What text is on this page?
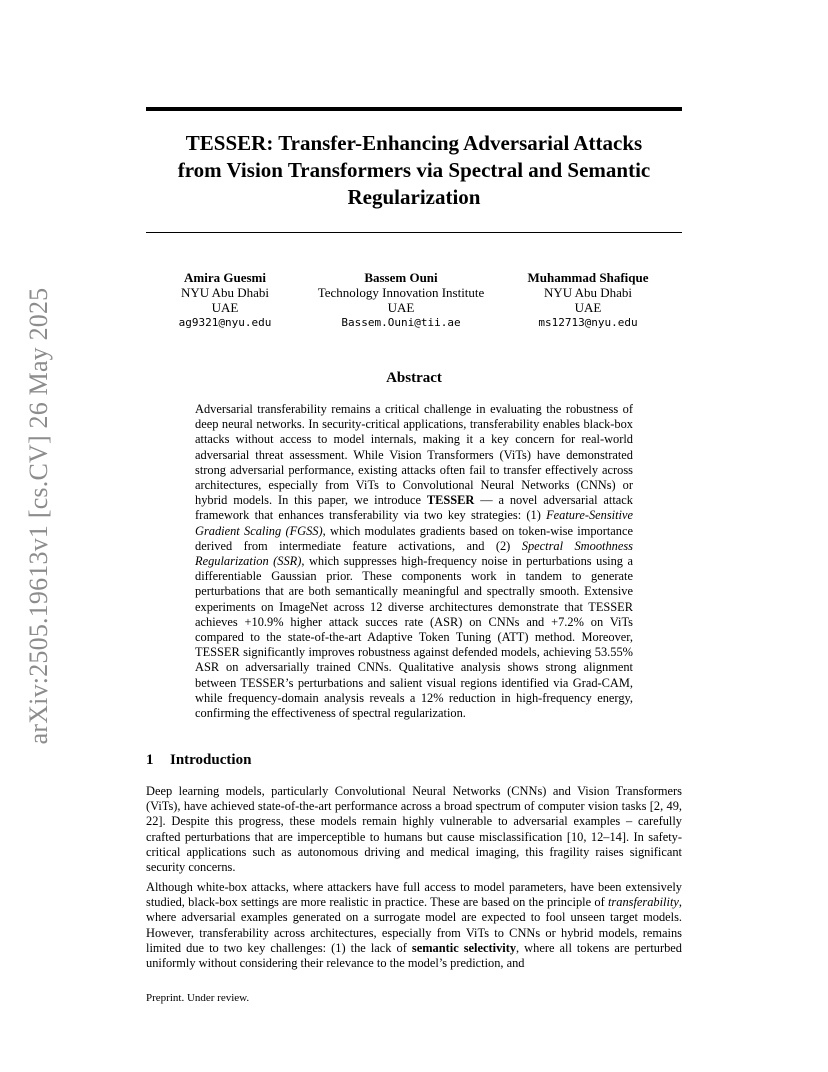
arXiv:2505.19613v1 [cs.CV] 26 May 2025
TESSER: Transfer-Enhancing Adversarial Attacks
from Vision Transformers via Spectral and Semantic
Regularization
Amira Guesmi
NYU Abu Dhabi
UAE
ag9321@nyu.edu
Bassem Ouni
Technology Innovation Institute
UAE
Bassem.Ouni@tii.ae
Muhammad Shafique
NYU Abu Dhabi
UAE
ms12713@nyu.edu
Abstract

Adversarial transferability remains a critical challenge in evaluating the robustness of deep neural networks. In security-critical applications, transferability enables black-box attacks without access to model internals, making it a key concern for real-world adversarial threat assessment. While Vision Transformers (ViTs) have demonstrated strong adversarial performance, existing attacks often fail to transfer effectively across architectures, especially from ViTs to Convolutional Neural Networks (CNNs) or hybrid models. In this paper, we introduce TESSER — a novel adversarial attack framework that enhances transferability via two key strategies: (1) Feature-Sensitive Gradient Scaling (FGSS), which modulates gradients based on token-wise importance derived from intermediate feature activations, and (2) Spectral Smoothness Regularization (SSR), which suppresses high-frequency noise in perturbations using a differentiable Gaussian prior. These components work in tandem to generate perturbations that are both semantically meaningful and spectrally smooth. Extensive experiments on ImageNet across 12 diverse architectures demonstrate that TESSER achieves +10.9% higher attack succes rate (ASR) on CNNs and +7.2% on ViTs compared to the state-of-the-art Adaptive Token Tuning (ATT) method. Moreover, TESSER significantly improves robustness against defended models, achieving 53.55% ASR on adversarially trained CNNs. Qualitative analysis shows strong alignment between TESSER’s perturbations and salient visual regions identified via Grad-CAM, while frequency-domain analysis reveals a 12% reduction in high-frequency energy, confirming the effectiveness of spectral regularization.

1 Introduction

Deep learning models, particularly Convolutional Neural Networks (CNNs) and Vision Transformers (ViTs), have achieved state-of-the-art performance across a broad spectrum of computer vision tasks [2, 49, 22]. Despite this progress, these models remain highly vulnerable to adversarial examples – carefully crafted perturbations that are imperceptible to humans but cause misclassification [10, 12–14]. In safety-critical applications such as autonomous driving and medical imaging, this fragility raises significant security concerns.

Although white-box attacks, where attackers have full access to model parameters, have been extensively studied, black-box settings are more realistic in practice. These are based on the principle of transferability, where adversarial examples generated on a surrogate model are expected to fool unseen target models. However, transferability across architectures, especially from ViTs to CNNs or hybrid models, remains limited due to two key challenges: (1) the lack of semantic selectivity, where all tokens are perturbed uniformly without considering their relevance to the model’s prediction, and

Preprint. Under review.
